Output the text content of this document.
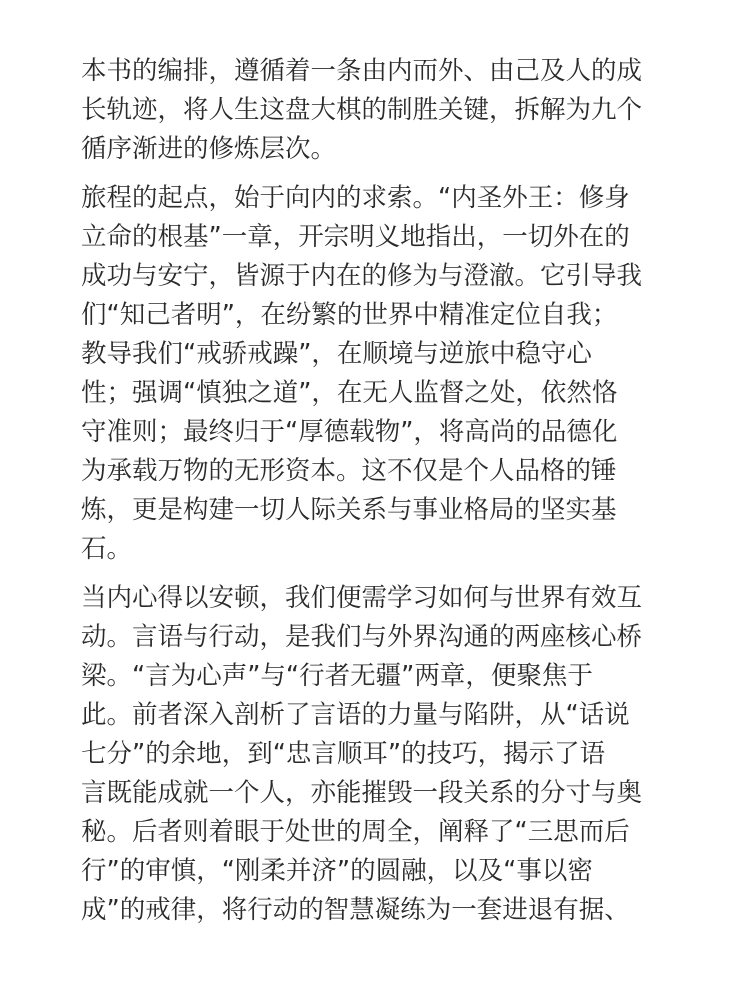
本书的编排，遵循着一条由内而外、由己及人的成
长轨迹，将人生这盘大棋的制胜关键，拆解为九个
循序渐进的修炼层次。

旅程的起点，始于向内的求索。“内圣外王：修身
立命的根基”一章，开宗明义地指出，一切外在的
成功与安宁，皆源于内在的修为与澄澈。它引导我
们“知己者明”，在纷繁的世界中精准定位自我；
教导我们“戒骄戒躁”，在顺境与逆旅中稳守心
性；强调“慎独之道”，在无人监督之处，依然恪
守准则；最终归于“厚德载物”，将高尚的品德化
为承载万物的无形资本。这不仅是个人品格的锤
炼，更是构建一切人际关系与事业格局的坚实基
石。

当内心得以安顿，我们便需学习如何与世界有效互
动。言语与行动，是我们与外界沟通的两座核心桥
梁。“言为心声”与“行者无疆”两章，便聚焦于
此。前者深入剖析了言语的力量与陷阱，从“话说
七分”的余地，到“忠言顺耳”的技巧，揭示了语
言既能成就一个人，亦能摧毁一段关系的分寸与奥
秘。后者则着眼于处世的周全，阐释了“三思而后
行”的审慎，“刚柔并济”的圆融，以及“事以密
成”的戒律，将行动的智慧凝练为一套进退有据、
